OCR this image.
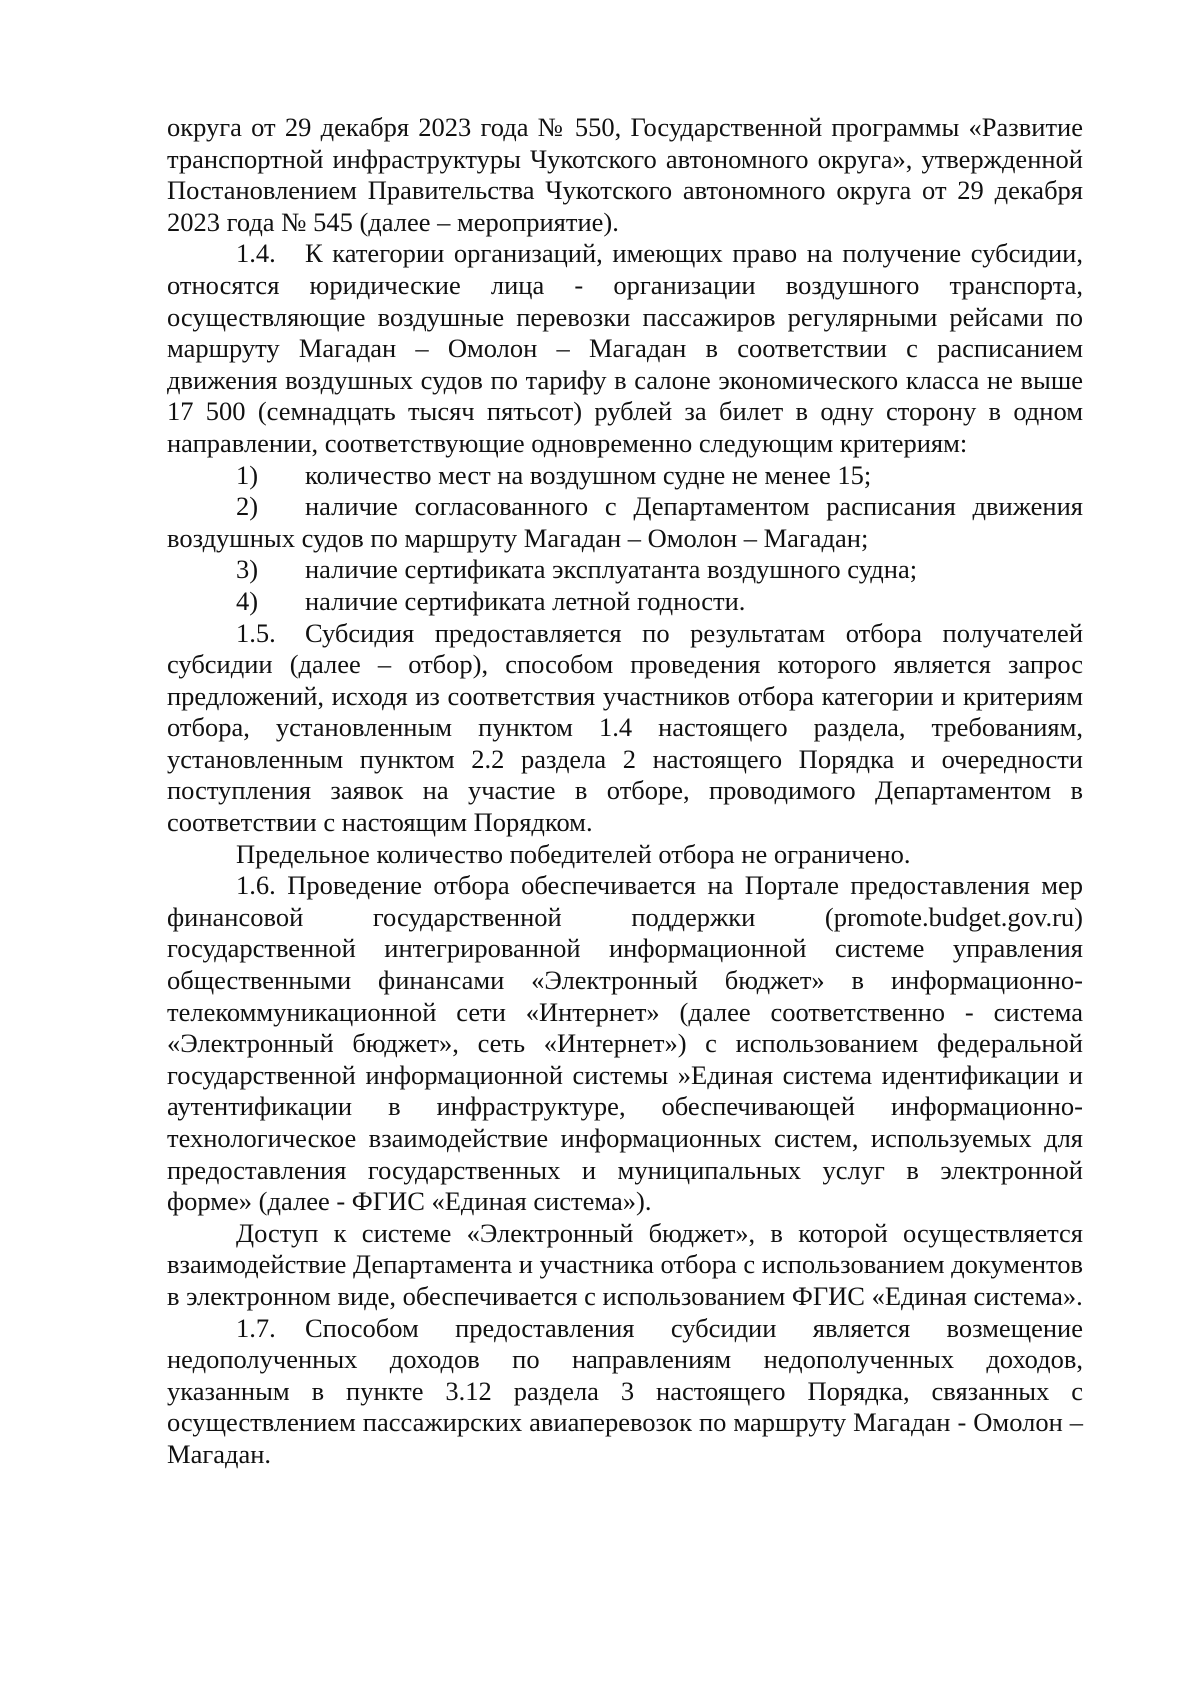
округа от 29 декабря 2023 года № 550, Государственной программы «Развитие транспортной инфраструктуры Чукотского автономного округа», утвержденной Постановлением Правительства Чукотского автономного округа от 29 декабря 2023 года № 545 (далее – мероприятие).

1.4. К категории организаций, имеющих право на получение субсидии, относятся юридические лица - организации воздушного транспорта, осуществляющие воздушные перевозки пассажиров регулярными рейсами по маршруту Магадан – Омолон – Магадан в соответствии с расписанием движения воздушных судов по тарифу в салоне экономического класса не выше 17 500 (семнадцать тысяч пятьсот) рублей за билет в одну сторону в одном направлении, соответствующие одновременно следующим критериям:

1) количество мест на воздушном судне не менее 15;

2) наличие согласованного с Департаментом расписания движения воздушных судов по маршруту Магадан – Омолон – Магадан;

3) наличие сертификата эксплуатанта воздушного судна;

4) наличие сертификата летной годности.

1.5. Субсидия предоставляется по результатам отбора получателей субсидии (далее – отбор), способом проведения которого является запрос предложений, исходя из соответствия участников отбора категории и критериям отбора, установленным пунктом 1.4 настоящего раздела, требованиям, установленным пунктом 2.2 раздела 2 настоящего Порядка и очередности поступления заявок на участие в отборе, проводимого Департаментом в соответствии с настоящим Порядком.

Предельное количество победителей отбора не ограничено.

1.6. Проведение отбора обеспечивается на Портале предоставления мер финансовой государственной поддержки (promote.budget.gov.ru) государственной интегрированной информационной системе управления общественными финансами «Электронный бюджет» в информационно-телекоммуникационной сети «Интернет» (далее соответственно - система «Электронный бюджет», сеть «Интернет») с использованием федеральной государственной информационной системы »Единая система идентификации и аутентификации в инфраструктуре, обеспечивающей информационно-технологическое взаимодействие информационных систем, используемых для предоставления государственных и муниципальных услуг в электронной форме» (далее - ФГИС «Единая система»).

Доступ к системе «Электронный бюджет», в которой осуществляется взаимодействие Департамента и участника отбора с использованием документов в электронном виде, обеспечивается с использованием ФГИС «Единая система».

1.7. Способом предоставления субсидии является возмещение недополученных доходов по направлениям недополученных доходов, указанным в пункте 3.12 раздела 3 настоящего Порядка, связанных с осуществлением пассажирских авиаперевозок по маршруту Магадан - Омолон – Магадан.
